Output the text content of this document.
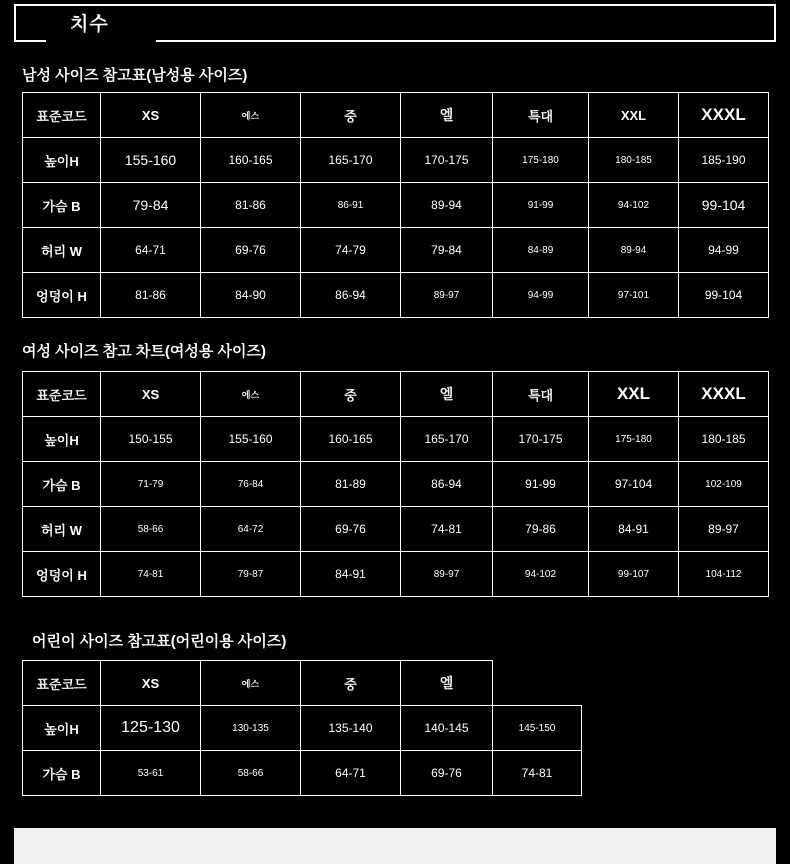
치수
남성 사이즈 참고표(남성용 사이즈)
표준코드	XS	에스	중	엘	특대	XXL	XXXL
높이H	155-160	160-165	165-170	170-175	175-180	180-185	185-190
가슴 B	79-84	81-86	86-91	89-94	91-99	94-102	99-104
허리 W	64-71	69-76	74-79	79-84	84-89	89-94	94-99
엉덩이 H	81-86	84-90	86-94	89-97	94-99	97-101	99-104
여성 사이즈 참고 차트(여성용 사이즈)
표준코드	XS	에스	중	엘	특대	XXL	XXXL
높이H	150-155	155-160	160-165	165-170	170-175	175-180	180-185
가슴 B	71-79	76-84	81-89	86-94	91-99	97-104	102-109
허리 W	58-66	64-72	69-76	74-81	79-86	84-91	89-97
엉덩이 H	74-81	79-87	84-91	89-97	94-102	99-107	104-112
어린이 사이즈 참고표(어린이용 사이즈)
표준코드	XS	에스	중	엘	
높이H	125-130	130-135	135-140	140-145	145-150
가슴 B	53-61	58-66	64-71	69-76	74-81
